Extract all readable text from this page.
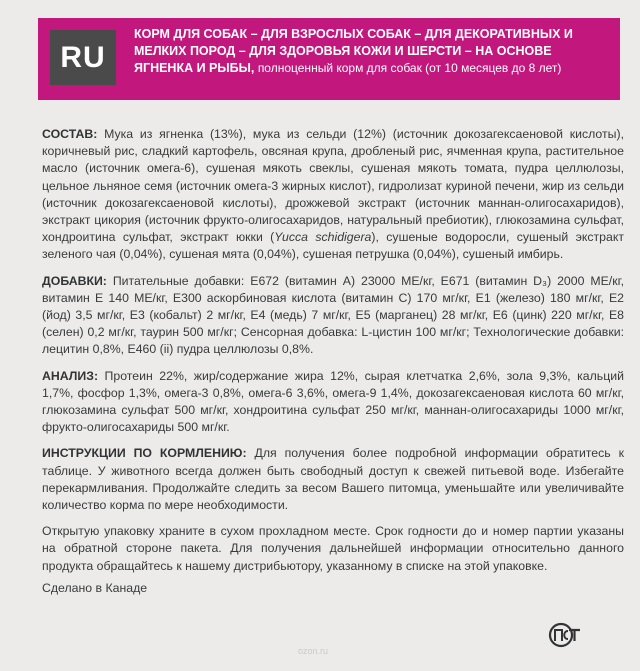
RU
КОРМ ДЛЯ СОБАК – ДЛЯ ВЗРОСЛЫХ СОБАК – ДЛЯ ДЕКОРАТИВНЫХ И МЕЛКИХ ПОРОД – ДЛЯ ЗДОРОВЬЯ КОЖИ И ШЕРСТИ – НА ОСНОВЕ ЯГНЕНКА И РЫБЫ, полноценный корм для собак (от 10 месяцев до 8 лет)

СОСТАВ: Мука из ягненка (13%), мука из сельди (12%) (источник докозагексаеновой кислоты), коричневый рис, сладкий картофель, овсяная крупа, дробленый рис, ячменная крупа, растительное масло (источник омега-6), сушеная мякоть свеклы, сушеная мякоть томата, пудра целлюлозы, цельное льняное семя (источник омега-3 жирных кислот), гидролизат куриной печени, жир из сельди (источник докозагексаеновой кислоты), дрожжевой экстракт (источник маннан-олигосахаридов), экстракт цикория (источник фрукто-олигосахаридов, натуральный пребиотик), глюкозамина сульфат, хондроитина сульфат, экстракт юкки (Yucca schidigera), сушеные водоросли, сушеный экстракт зеленого чая (0,04%), сушеная мята (0,04%), сушеная петрушка (0,04%), сушеный имбирь.

ДОБАВКИ: Питательные добавки: Е672 (витамин А) 23000 МЕ/кг, Е671 (витамин D₃) 2000 МЕ/кг, витамин Е 140 МЕ/кг, Е300 аскорбиновая кислота (витамин С) 170 мг/кг, Е1 (железо) 180 мг/кг, Е2 (йод) 3,5 мг/кг, Е3 (кобальт) 2 мг/кг, Е4 (медь) 7 мг/кг, Е5 (марганец) 28 мг/кг, Е6 (цинк) 220 мг/кг, Е8 (селен) 0,2 мг/кг, таурин 500 мг/кг; Сенсорная добавка: L-цистин 100 мг/кг; Технологические добавки: лецитин 0,8%, Е460 (ii) пудра целлюлозы 0,8%.

АНАЛИЗ: Протеин 22%, жир/содержание жира 12%, сырая клетчатка 2,6%, зола 9,3%, кальций 1,7%, фосфор 1,3%, омега-3 0,8%, омега-6 3,6%, омега-9 1,4%, докозагексаеновая кислота 60 мг/кг, глюкозамина сульфат 500 мг/кг, хондроитина сульфат 250 мг/кг, маннан-олигосахариды 1000 мг/кг, фрукто-олигосахариды 500 мг/кг.

ИНСТРУКЦИИ ПО КОРМЛЕНИЮ: Для получения более подробной информации обратитесь к таблице. У животного всегда должен быть свободный доступ к свежей питьевой воде. Избегайте перекармливания. Продолжайте следить за весом Вашего питомца, уменьшайте или увеличивайте количество корма по мере необходимости.

Открытую упаковку храните в сухом прохладном месте. Срок годности до и номер партии указаны на обратной стороне пакета. Для получения дальнейшей информации относительно данного продукта обращайтесь к нашему дистрибьютору, указанному в списке на этой упаковке.

Сделано в Канаде

ozon.ru
